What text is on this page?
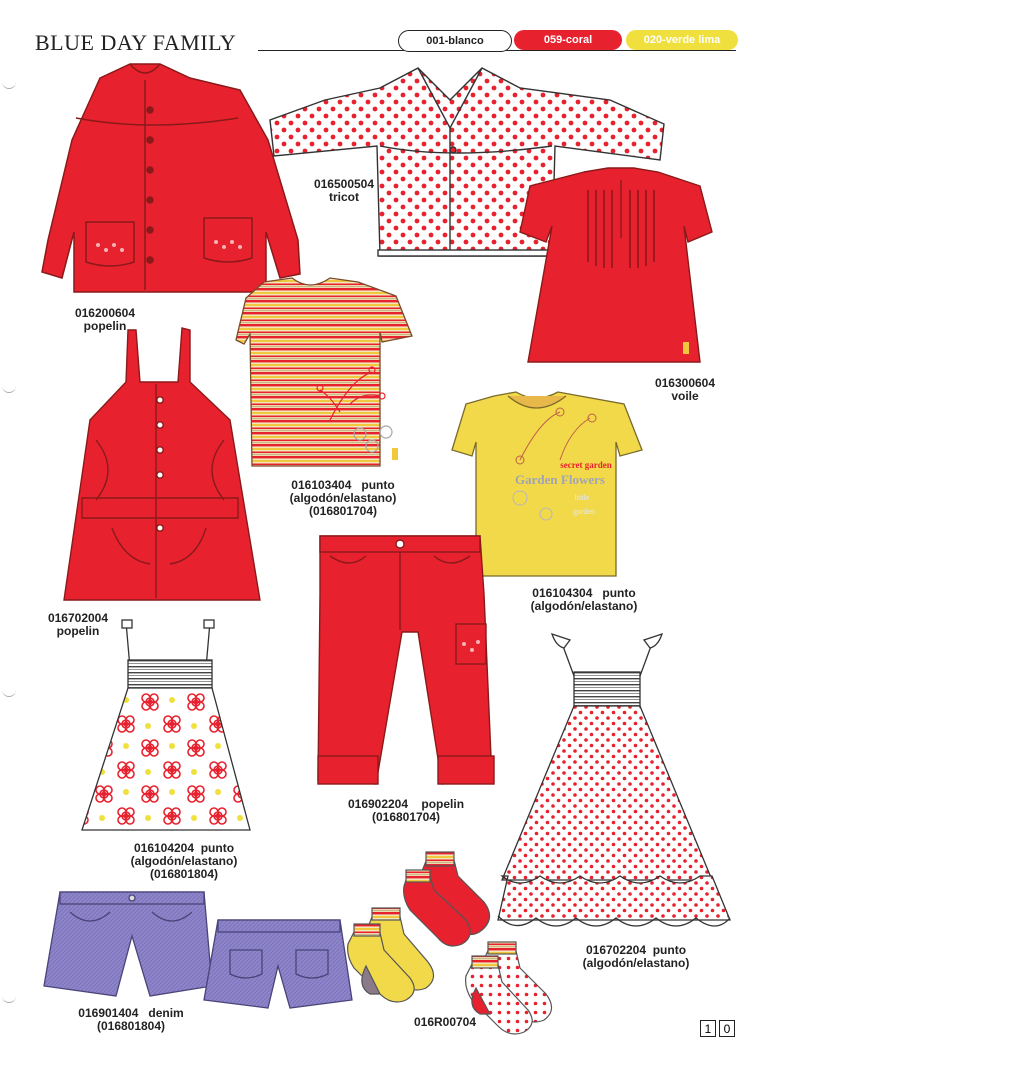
BLUE DAY FAMILY	001-blanco	059-coral	020-verde lima
secret garden
Garden Flowers
little
garden
016200604
popelin
016500504
tricot
016300604
voile
016103404   punto
(algodón/elastano)
(016801704)
016702004
popelin
016104304   punto
(algodón/elastano)
016902204    popelin
(016801704)
016104204  punto
(algodón/elastano)
(016801804)
016702204  punto
(algodón/elastano)
016901404   denim
(016801804)	016R00704	1	0
